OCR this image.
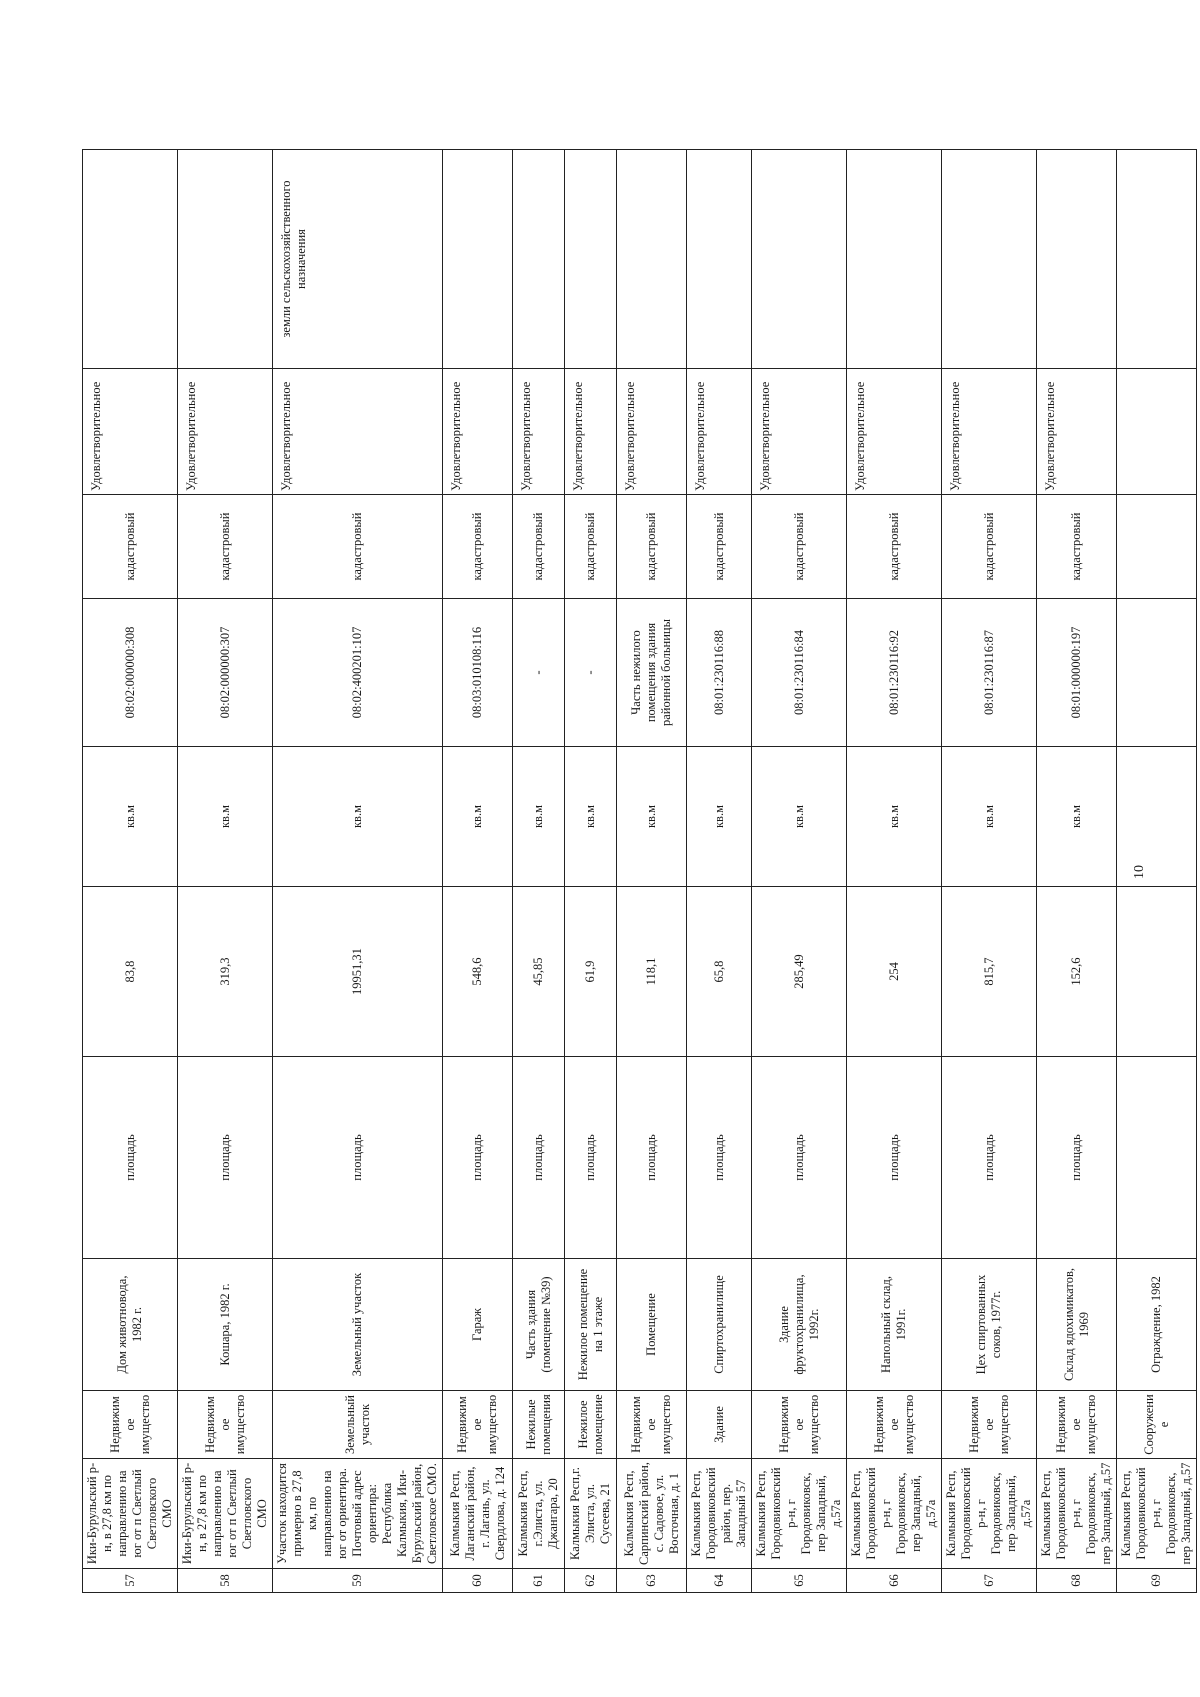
57	Ики-Бурульский р-н, в 27,8 км по направлению на юг от п Светлый Светловского СМО	Недвижимое имущество	Дом животновода, 1982 г.	площадь	83,8	кв.м	08:02:000000:308	кадастровый	Удовлетворительное	
58	Ики-Бурульский р-н, в 27,8 км по направлению на юг от п Светлый Светловского СМО	Недвижимое имущество	Кошара, 1982 г.	площадь	319,3	кв.м	08:02:000000:307	кадастровый	Удовлетворительное	
59	Участок находится примерно в 27,8 км, по направлению на юг от ориентира. Почтовый адрес ориентира: Республика Калмыкия, Ики-Бурульский район, Светловское СМО.	Земельный участок	Земельный участок	площадь	19951,31	кв.м	08:02:400201:107	кадастровый	Удовлетворительное	земли сельскохозяйственного назначения
60	Калмыкия Респ, Лаганский район, г. Лагань, ул. Свердлова, д. 124	Недвижимое имущество	Гараж	площадь	548,6	кв.м	08:03:010108:116	кадастровый	Удовлетворительное	
61	Калмыкия Респ, г.Элиста, ул. Джангара, 20	Нежилые помещения	Часть здания (помещение №39)	площадь	45,85	кв.м	-	кадастровый	Удовлетворительное	
62	Калмыкия Респ,г. Элиста, ул. Сусеева, 21	Нежилое помещение	Нежилое помещение на 1 этаже	площадь	61,9	кв.м	-	кадастровый	Удовлетворительное	
63	Калмыкия Респ, Сарпинский район, с. Садовое, ул. Восточная, д. 1	Недвижимое имущество	Помещение	площадь	118,1	кв.м	Часть нежилого помещения здания районной больницы	кадастровый	Удовлетворительное	
64	Калмыкия Респ, Городовиковский район, пер. Западный 57	Здание	Спиртохранилище	площадь	65,8	кв.м	08:01:230116:88	кадастровый	Удовлетворительное	
65	Калмыкия Респ, Городовиковский р-н, г Городовиковск, пер Западный, д.57а	Недвижимое имущество	Здание фруктохранилища, 1992г.	площадь	285,49	кв.м	08:01:230116:84	кадастровый	Удовлетворительное	
66	Калмыкия Респ, Городовиковский р-н, г Городовиковск, пер Западный, д.57а	Недвижимое имущество	Напольный склад, 1991г.	площадь	254	кв.м	08:01:230116:92	кадастровый	Удовлетворительное	
67	Калмыкия Респ, Городовиковский р-н, г Городовиковск, пер Западный, д.57а	Недвижимое имущество	Цех спиртованных соков, 1977г.	площадь	815,7	кв.м	08:01:230116:87	кадастровый	Удовлетворительное	
68	Калмыкия Респ, Городовиковский р-н, г Городовиковск, пер Западный, д.57	Недвижимое имущество	Склад ядохимикатов, 1969	площадь	152,6	кв.м	08:01:000000:197	кадастровый	Удовлетворительное	
69	Калмыкия Респ, Городовиковский р-н, г Городовиковск, пер Западный, д.57	Сооружение	Ограждение, 1982							
10
